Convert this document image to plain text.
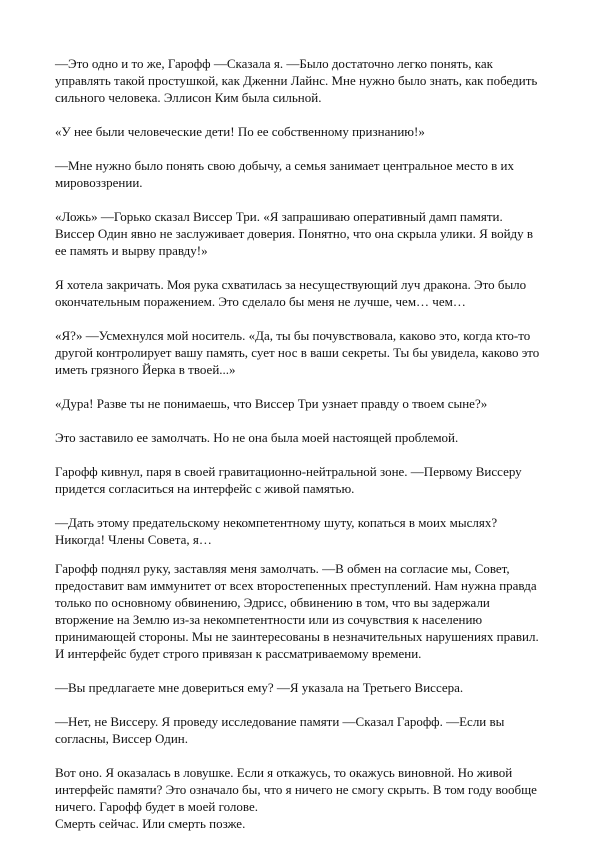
—Это одно и то же, Гарофф —Сказала я. —Было достаточно легко понять, как управлять такой простушкой, как Дженни Лайнс. Мне нужно было знать, как победить сильного человека. Эллисон Ким была сильной.

«У нее были человеческие дети! По ее собственному признанию!»

—Мне нужно было понять свою добычу, а семья занимает центральное место в их мировоззрении.

«Ложь» —Горько сказал Виссер Три. «Я запрашиваю оперативный дамп памяти. Виссер Один явно не заслуживает доверия. Понятно, что она скрыла улики. Я войду в ее память и вырву правду!»

Я хотела закричать. Моя рука схватилась за несуществующий луч дракона. Это было окончательным поражением. Это сделало бы меня не лучше, чем… чем…

«Я?» —Усмехнулся мой носитель. «Да, ты бы почувствовала, каково это, когда кто-то другой контролирует вашу память, сует нос в ваши секреты. Ты бы увидела, каково это иметь грязного Йерка в твоей...»

«Дура! Разве ты не понимаешь, что Виссер Три узнает правду о твоем сыне?»

Это заставило ее замолчать. Но не она была моей настоящей проблемой.

Гарофф кивнул, паря в своей гравитационно-нейтральной зоне. —Первому Виссеру придется согласиться на интерфейс с живой памятью.

—Дать этому предательскому некомпетентному шуту, копаться в моих мыслях? Никогда! Члены Совета, я…

Гарофф поднял руку, заставляя меня замолчать. —В обмен на согласие мы, Совет, предоставит вам иммунитет от всех второстепенных преступлений. Нам нужна правда только по основному обвинению, Эдрисс, обвинению в том, что вы задержали вторжение на Землю из-за некомпетентности или из сочувствия к населению принимающей стороны. Мы не заинтересованы в незначительных нарушениях правил. И интерфейс будет строго привязан к рассматриваемому времени.

—Вы предлагаете мне довериться ему? —Я указала на Третьего Виссера.

—Нет, не Виссеру. Я проведу исследование памяти —Сказал Гарофф. —Если вы согласны, Виссер Один.

Вот оно. Я оказалась в ловушке. Если я откажусь, то окажусь виновной. Но живой интерфейс памяти? Это означало бы, что я ничего не смогу скрыть. В том году вообще ничего. Гарофф будет в моей голове.

Смерть сейчас. Или смерть позже.
